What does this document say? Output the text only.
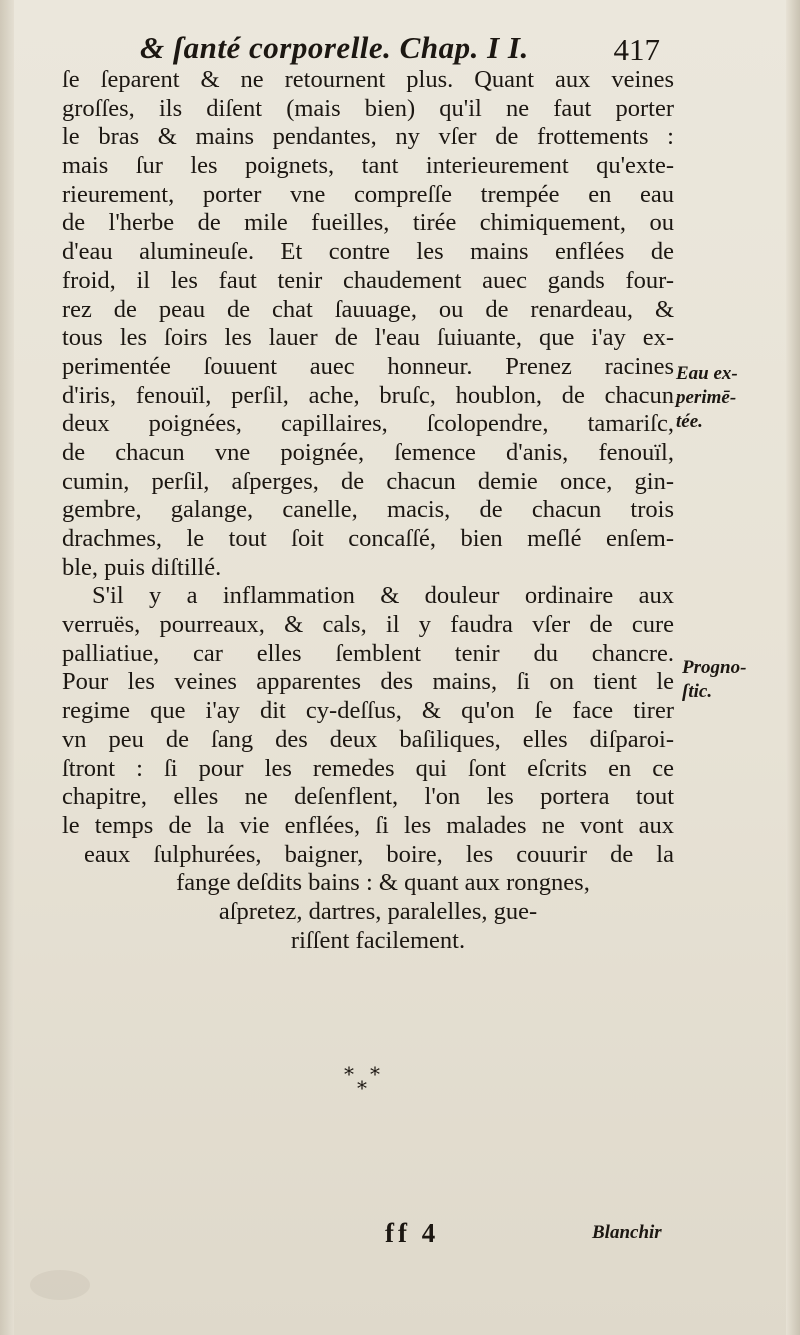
& ſanté corporelle. Chap. I I.	417
ſe ſeparent & ne retournent plus. Quant aux veines
groſſes, ils diſent (mais bien) qu'il ne faut porter
le bras & mains pendantes, ny vſer de frottements :
mais ſur les poignets, tant interieurement qu'exte-
rieurement, porter vne compreſſe trempée en eau
de l'herbe de mile fueilles, tirée chimiquement, ou
d'eau alumineuſe. Et contre les mains enflées de
froid, il les faut tenir chaudement auec gands four-
rez de peau de chat ſauuage, ou de renardeau, &
tous les ſoirs les lauer de l'eau ſuiuante, que i'ay ex-
perimentée ſouuent auec honneur. Prenez racines
d'iris, fenouïl, perſil, ache, bruſc, houblon, de chacun
deux poignées, capillaires, ſcolopendre, tamariſc,
de chacun vne poignée, ſemence d'anis, fenouïl,
cumin, perſil, aſperges, de chacun demie once, gin-
gembre, galange, canelle, macis, de chacun trois
drachmes, le tout ſoit concaſſé, bien meſlé enſem-
ble, puis diſtillé.
S'il y a inflammation & douleur ordinaire aux
verruës, pourreaux, & cals, il y faudra vſer de cure
palliatiue, car elles ſemblent tenir du chancre.
Pour les veines apparentes des mains, ſi on tient le
regime que i'ay dit cy-deſſus, & qu'on ſe face tirer
vn peu de ſang des deux baſiliques, elles diſparoi-
ſtront : ſi pour les remedes qui ſont eſcrits en ce
chapitre, elles ne deſenflent, l'on les portera tout
le temps de la vie enflées, ſi les malades ne vont aux
eaux ſulphurées, baigner, boire, les couurir de la
fange deſdits bains : & quant aux rongnes,
aſpretez, dartres, paralelles, gue-
riſſent facilement.
Eau ex-
perimē-
tée.
Progno-
ſtic.
* *
*
ff 4	Blanchir
